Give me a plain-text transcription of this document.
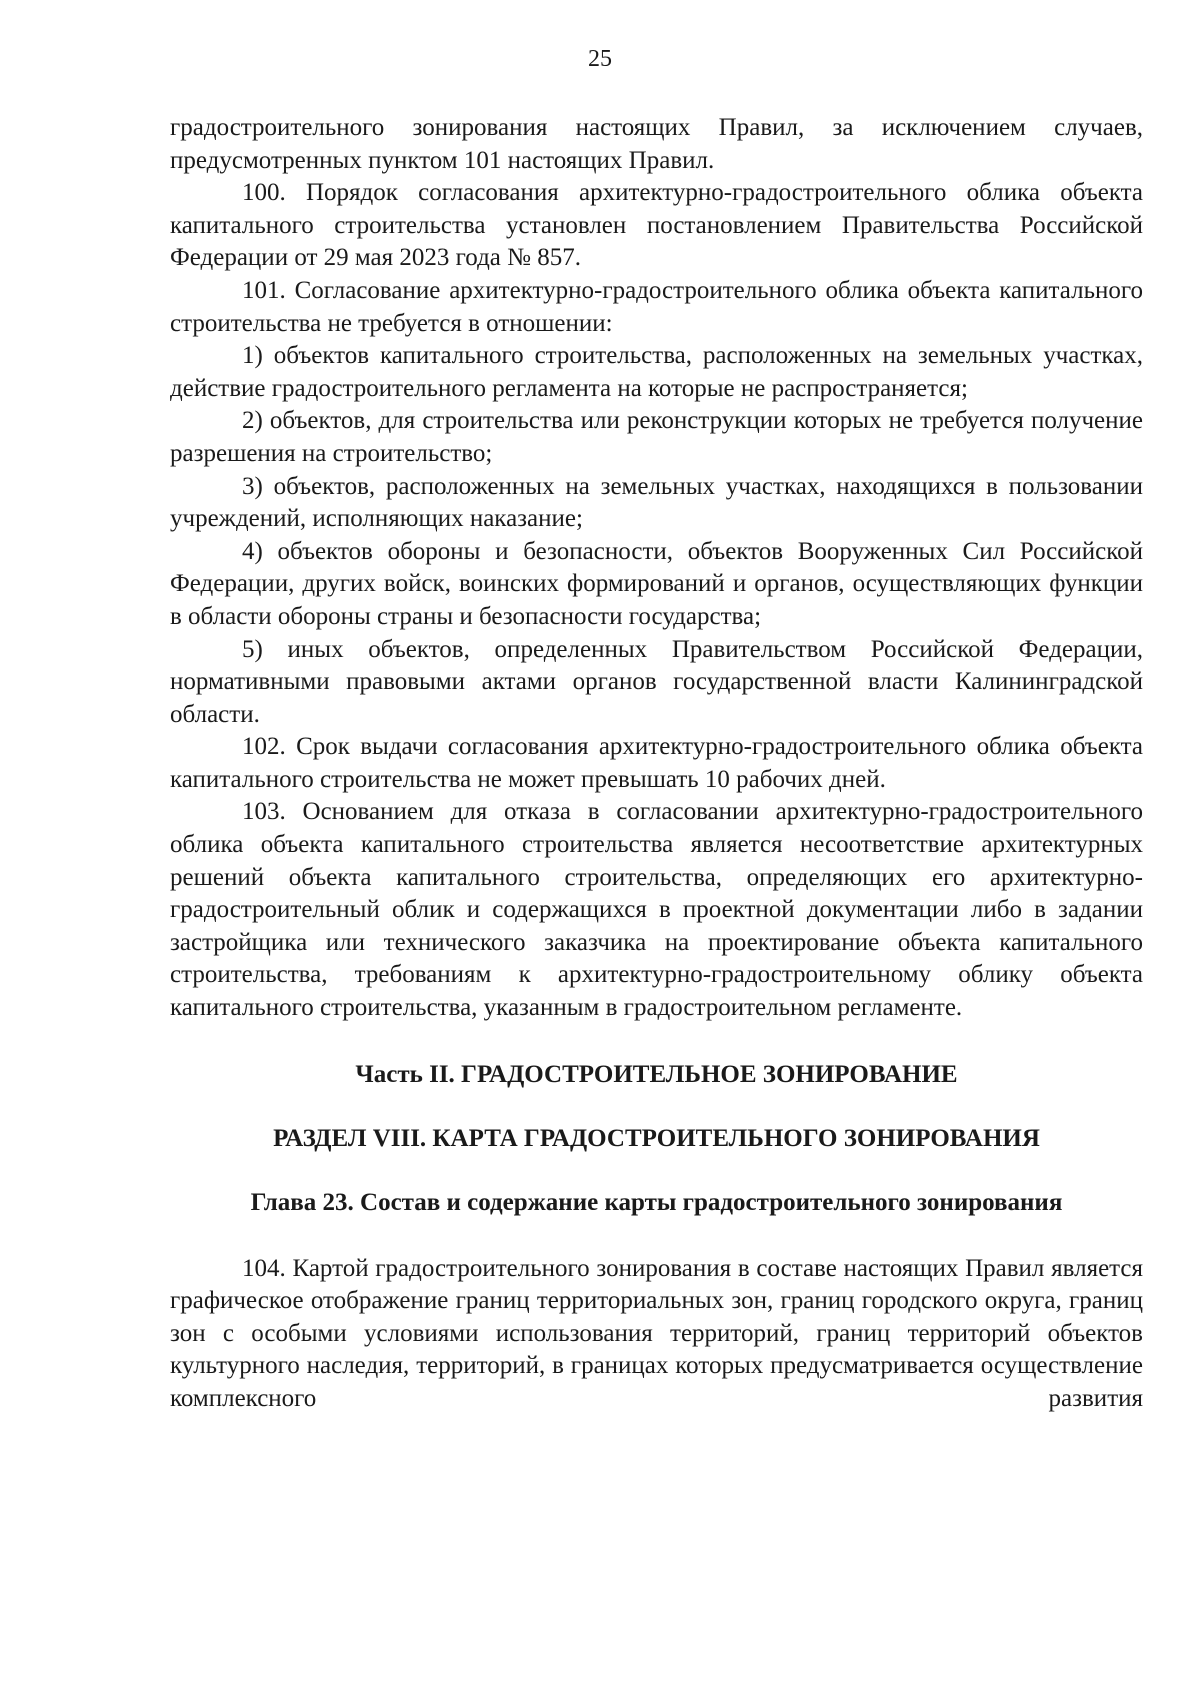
25

градостроительного зонирования настоящих Правил, за исключением случаев, предусмотренных пунктом 101 настоящих Правил.

100. Порядок согласования архитектурно-градостроительного облика объекта капитального строительства установлен постановлением Правительства Российской Федерации от 29 мая 2023 года № 857.

101. Согласование архитектурно-градостроительного облика объекта капитального строительства не требуется в отношении:

1) объектов капитального строительства, расположенных на земельных участках, действие градостроительного регламента на которые не распространяется;

2) объектов, для строительства или реконструкции которых не требуется получение разрешения на строительство;

3) объектов, расположенных на земельных участках, находящихся в пользовании учреждений, исполняющих наказание;

4) объектов обороны и безопасности, объектов Вооруженных Сил Российской Федерации, других войск, воинских формирований и органов, осуществляющих функции в области обороны страны и безопасности государства;

5) иных объектов, определенных Правительством Российской Федерации, нормативными правовыми актами органов государственной власти Калининградской области.

102. Срок выдачи согласования архитектурно-градостроительного облика объекта капитального строительства не может превышать 10 рабочих дней.

103. Основанием для отказа в согласовании архитектурно-градостроительного облика объекта капитального строительства является несоответствие архитектурных решений объекта капитального строительства, определяющих его архитектурно-градостроительный облик и содержащихся в проектной документации либо в задании застройщика или технического заказчика на проектирование объекта капитального строительства, требованиям к архитектурно-градостроительному облику объекта капитального строительства, указанным в градостроительном регламенте.

Часть II. ГРАДОСТРОИТЕЛЬНОЕ ЗОНИРОВАНИЕ
РАЗДЕЛ VIII. КАРТА ГРАДОСТРОИТЕЛЬНОГО ЗОНИРОВАНИЯ
Глава 23. Состав и содержание карты градостроительного зонирования

104. Картой градостроительного зонирования в составе настоящих Правил является графическое отображение границ территориальных зон, границ городского округа, границ зон с особыми условиями использования территорий, границ территорий объектов культурного наследия, территорий, в границах которых предусматривается осуществление комплексного развития
